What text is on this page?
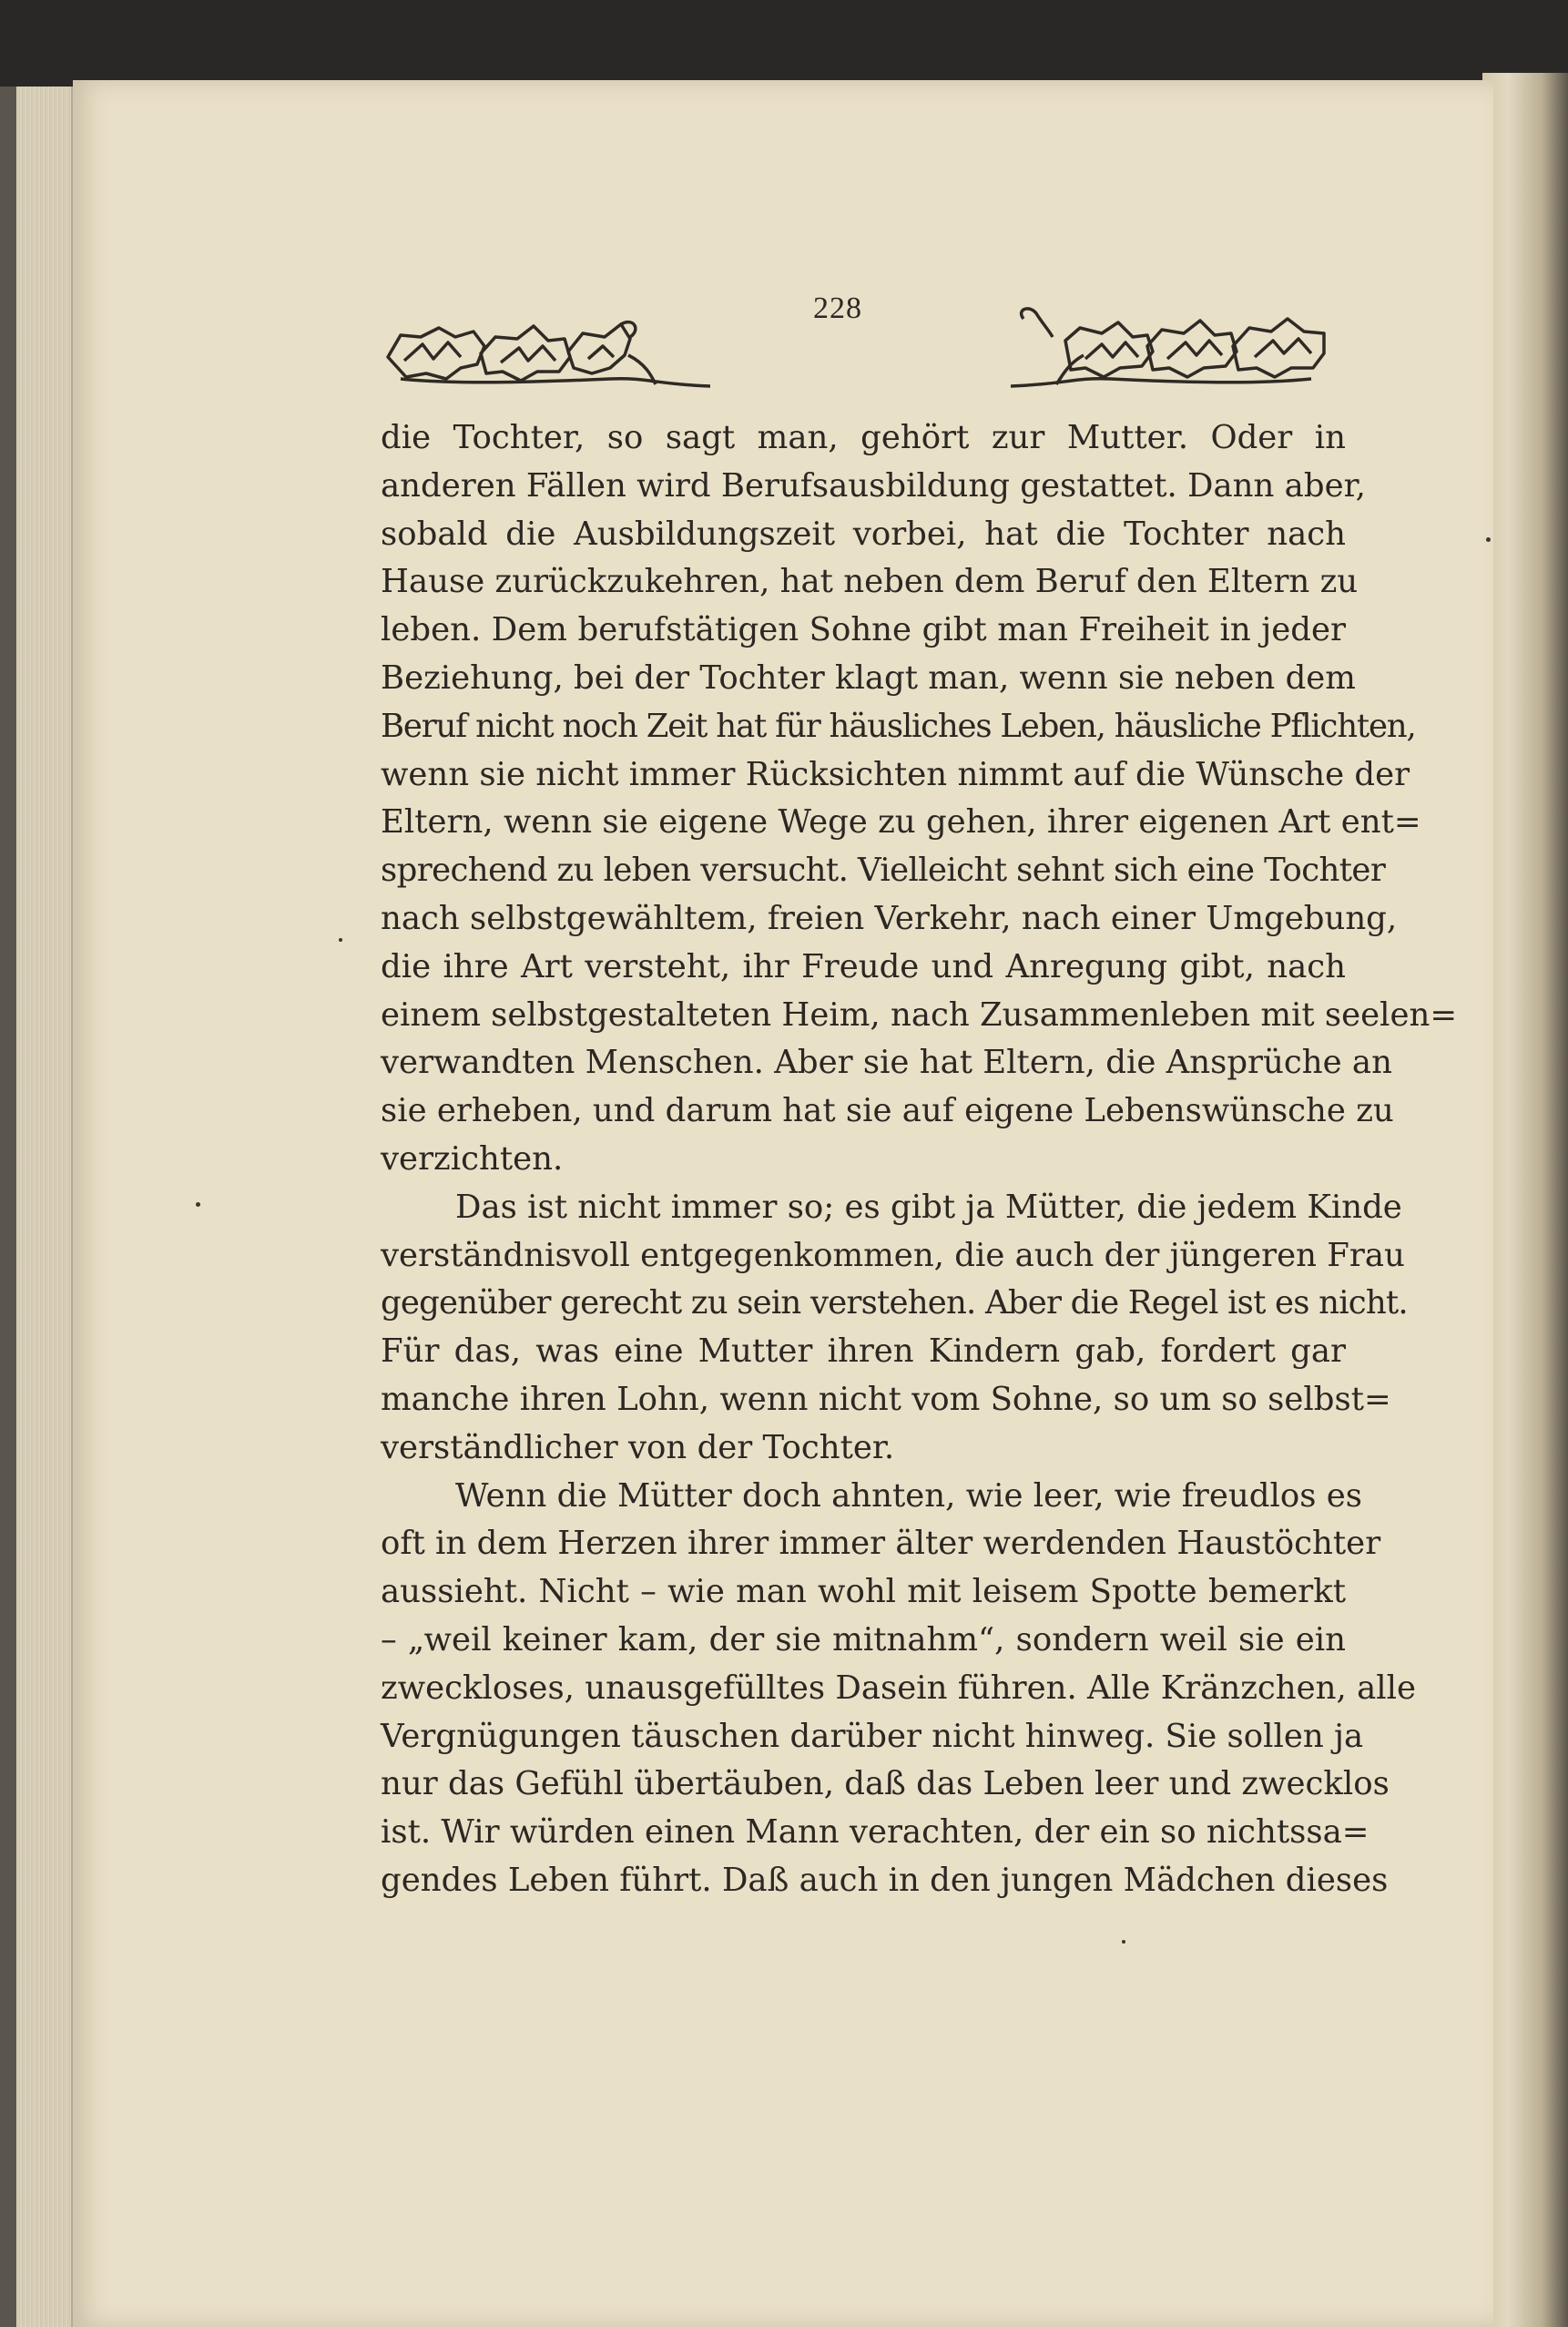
228
die Tochter, so sagt man, gehört zur Mutter. Oder in
anderen Fällen wird Berufsausbildung gestattet. Dann aber,
sobald die Ausbildungszeit vorbei, hat die Tochter nach
Hause zurückzukehren, hat neben dem Beruf den Eltern zu
leben. Dem berufstätigen Sohne gibt man Freiheit in jeder
Beziehung, bei der Tochter klagt man, wenn sie neben dem
Beruf nicht noch Zeit hat für häusliches Leben, häusliche Pflichten,
wenn sie nicht immer Rücksichten nimmt auf die Wünsche der
Eltern, wenn sie eigene Wege zu gehen, ihrer eigenen Art ent=
sprechend zu leben versucht. Vielleicht sehnt sich eine Tochter
nach selbstgewähltem, freien Verkehr, nach einer Umgebung,
die ihre Art versteht, ihr Freude und Anregung gibt, nach
einem selbstgestalteten Heim, nach Zusammenleben mit seelen=
verwandten Menschen. Aber sie hat Eltern, die Ansprüche an
sie erheben, und darum hat sie auf eigene Lebenswünsche zu
verzichten.
Das ist nicht immer so; es gibt ja Mütter, die jedem Kinde
verständnisvoll entgegenkommen, die auch der jüngeren Frau
gegenüber gerecht zu sein verstehen. Aber die Regel ist es nicht.
Für das, was eine Mutter ihren Kindern gab, fordert gar
manche ihren Lohn, wenn nicht vom Sohne, so um so selbst=
verständlicher von der Tochter.
Wenn die Mütter doch ahnten, wie leer, wie freudlos es
oft in dem Herzen ihrer immer älter werdenden Haustöchter
aussieht. Nicht – wie man wohl mit leisem Spotte bemerkt
– „weil keiner kam, der sie mitnahm“, sondern weil sie ein
zweckloses, unausgefülltes Dasein führen. Alle Kränzchen, alle
Vergnügungen täuschen darüber nicht hinweg. Sie sollen ja
nur das Gefühl übertäuben, daß das Leben leer und zwecklos
ist. Wir würden einen Mann verachten, der ein so nichtssa=
gendes Leben führt. Daß auch in den jungen Mädchen dieses
